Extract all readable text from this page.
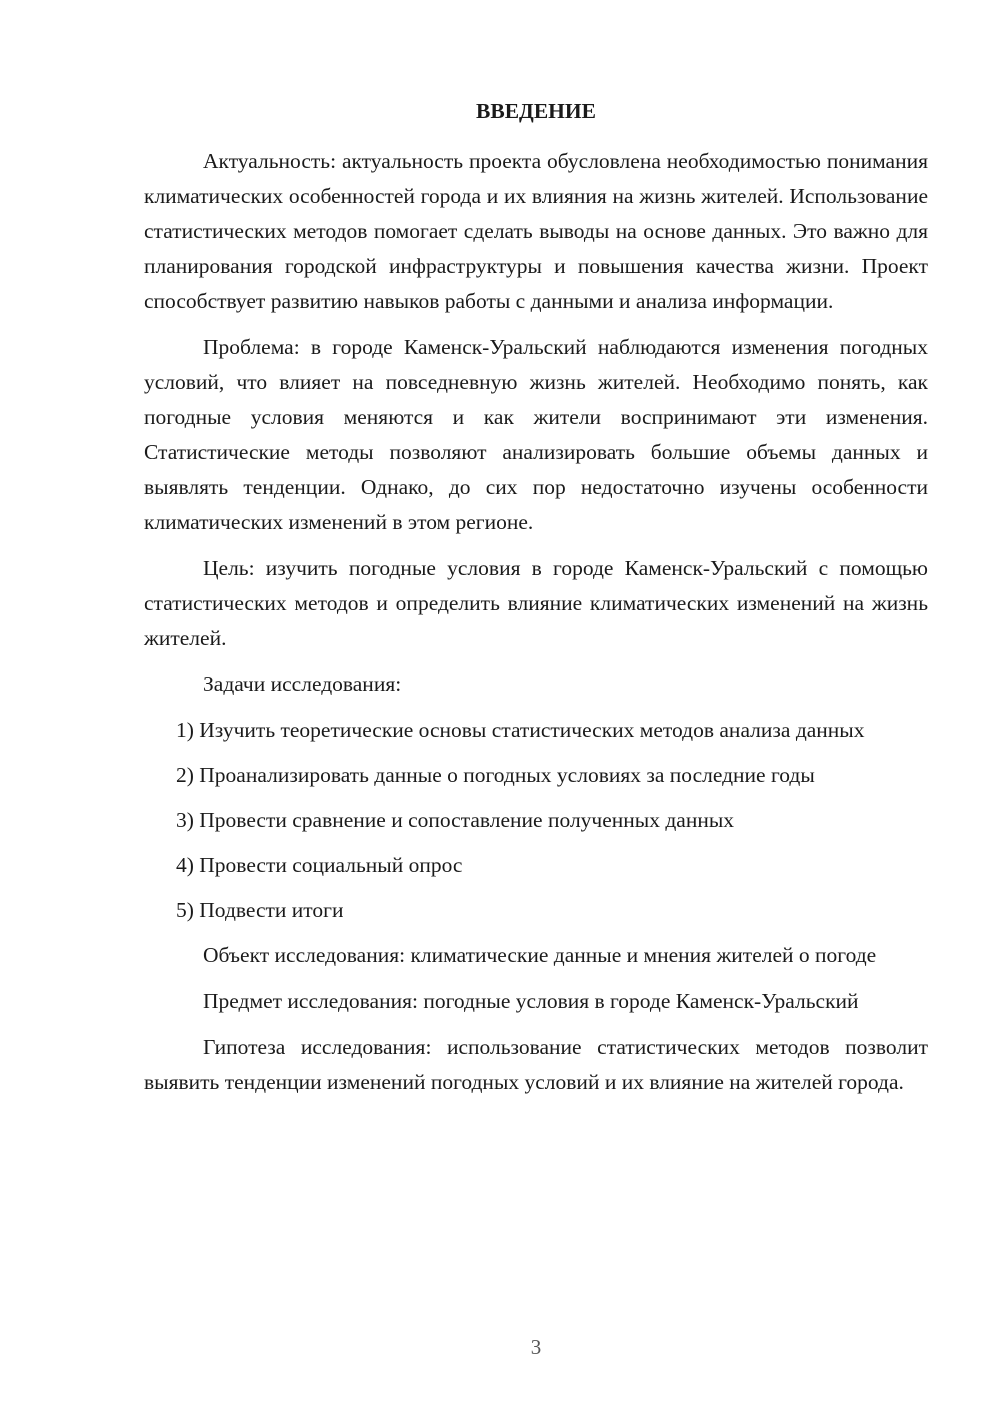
ВВЕДЕНИЕ

Актуальность: актуальность проекта обусловлена необходимостью понимания климатических особенностей города и их влияния на жизнь жителей. Использование статистических методов помогает сделать выводы на основе данных. Это важно для планирования городской инфраструктуры и повышения качества жизни. Проект способствует развитию навыков работы с данными и анализа информации.

Проблема: в городе Каменск-Уральский наблюдаются изменения погодных условий, что влияет на повседневную жизнь жителей. Необходимо понять, как погодные условия меняются и как жители воспринимают эти изменения. Статистические методы позволяют анализировать большие объемы данных и выявлять тенденции. Однако, до сих пор недостаточно изучены особенности климатических изменений в этом регионе.

Цель: изучить погодные условия в городе Каменск-Уральский с помощью статистических методов и определить влияние климатических изменений на жизнь жителей.

Задачи исследования:

1) Изучить теоретические основы статистических методов анализа данных

2) Проанализировать данные о погодных условиях за последние годы

3) Провести сравнение и сопоставление полученных данных

4) Провести социальный опрос

5) Подвести итоги

Объект исследования: климатические данные и мнения жителей о погоде

Предмет исследования: погодные условия в городе Каменск-Уральский

Гипотеза исследования: использование статистических методов позволит выявить тенденции изменений погодных условий и их влияние на жителей города.

3
